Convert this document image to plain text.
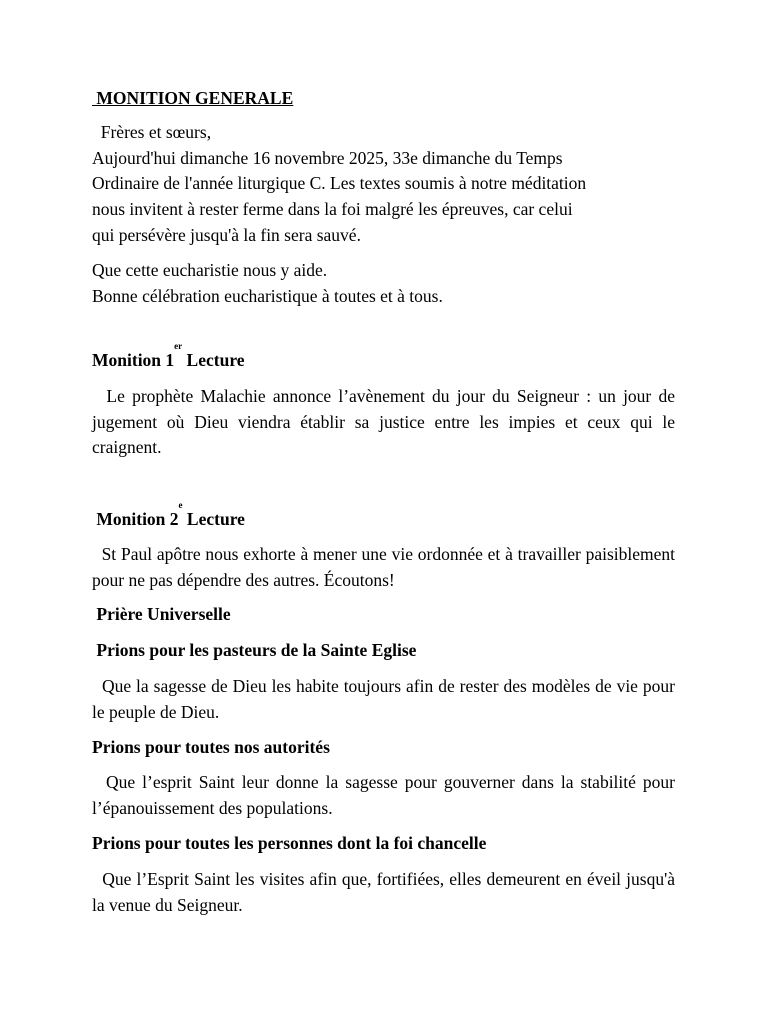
MONITION GENERALE

Frères et sœurs,
Aujourd'hui dimanche 16 novembre 2025, 33e dimanche du Temps
Ordinaire de l'année liturgique C. Les textes soumis à notre méditation
nous invitent à rester ferme dans la foi malgré les épreuves, car celui
qui persévère jusqu'à la fin sera sauvé.
Que cette eucharistie nous y aide.
Bonne célébration eucharistique à toutes et à tous.

Monition 1er Lecture

Le prophète Malachie annonce l’avènement du jour du Seigneur : un jour de jugement où Dieu viendra établir sa justice entre les impies et ceux qui le craignent.

Monition 2e Lecture

St Paul apôtre nous exhorte à mener une vie ordonnée et à travailler paisiblement pour ne pas dépendre des autres. Écoutons!

Prière Universelle

Prions pour les pasteurs de la Sainte Eglise

Que la sagesse de Dieu les habite toujours afin de rester des modèles de vie pour le peuple de Dieu.

Prions pour toutes nos autorités

Que l’esprit Saint leur donne la sagesse pour gouverner dans la stabilité pour l’épanouissement des populations.

Prions pour toutes les personnes dont la foi chancelle

Que l’Esprit Saint les visites afin que, fortifiées, elles demeurent en éveil jusqu'à la venue du Seigneur.
